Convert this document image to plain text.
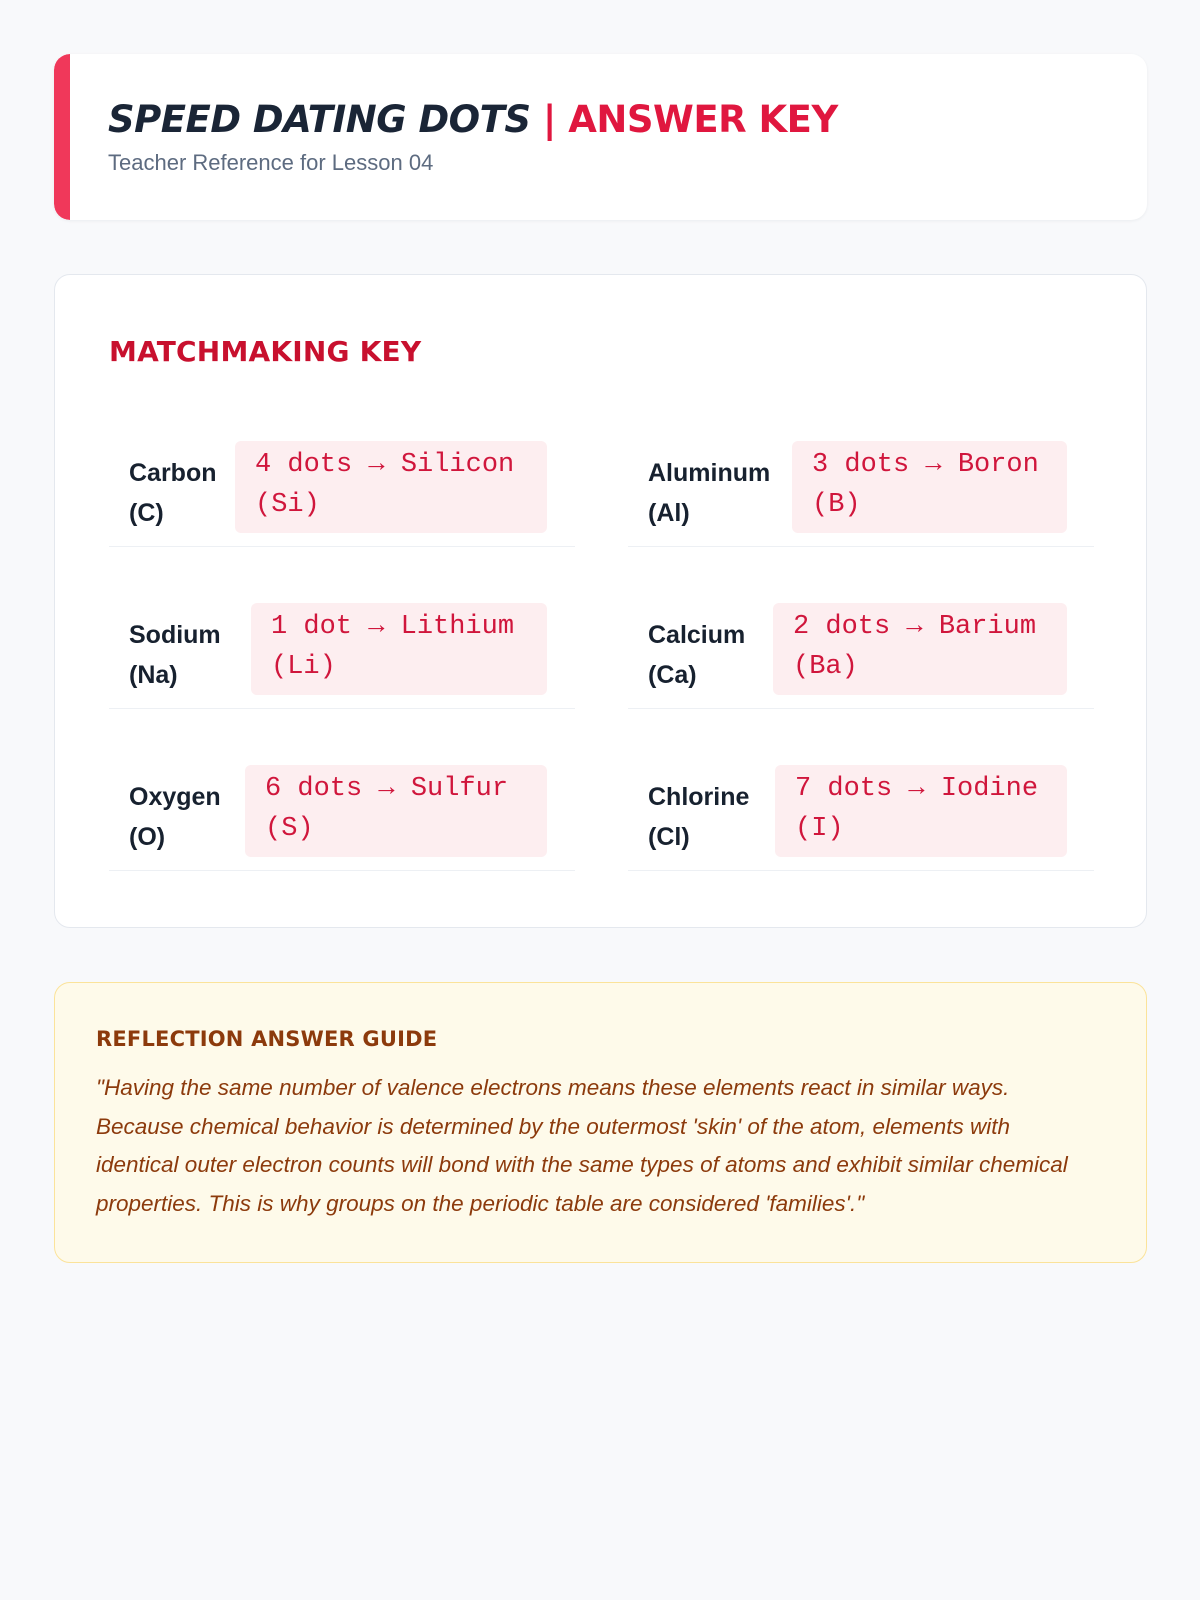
SPEED DATING DOTS | ANSWER KEY
Teacher Reference for Lesson 04
MATCHMAKING KEY
Carbon
(C)
4 dots → Silicon
(Si)
Aluminum
(Al)
3 dots → Boron
(B)
Sodium
(Na)
1 dot → Lithium
(Li)
Calcium
(Ca)
2 dots → Barium
(Ba)
Oxygen
(O)
6 dots → Sulfur
(S)
Chlorine
(Cl)
7 dots → Iodine
(I)
REFLECTION ANSWER GUIDE
"Having the same number of valence electrons means these elements react in similar ways. Because chemical behavior is determined by the outermost 'skin' of the atom, elements with identical outer electron counts will bond with the same types of atoms and exhibit similar chemical properties. This is why groups on the periodic table are considered 'families'."
